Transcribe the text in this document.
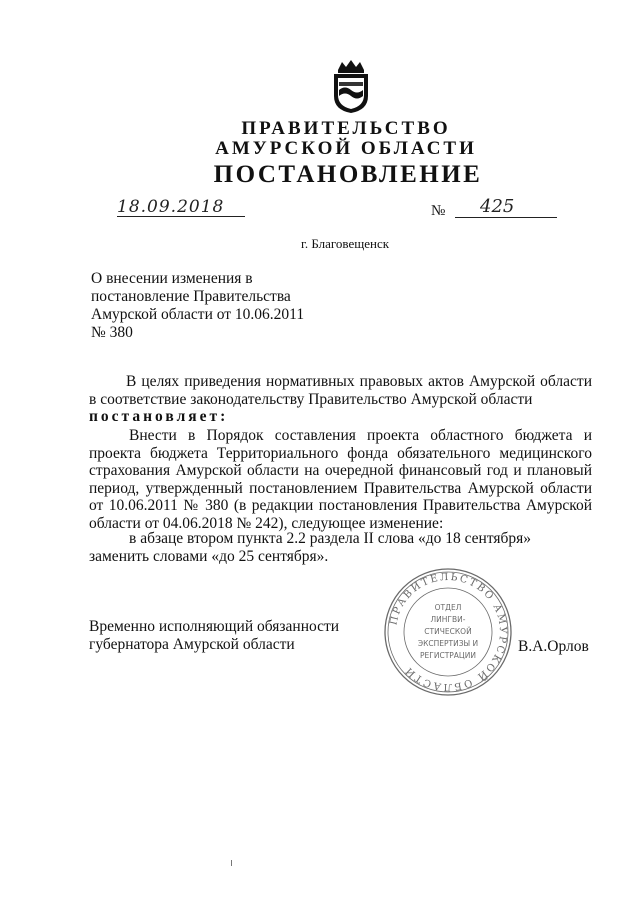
ПРАВИТЕЛЬСТВО
АМУРСКОЙ ОБЛАСТИ
ПОСТАНОВЛЕНИЕ
18.09.2018	№ 425
г. Благовещенск
О внесении изменения в
постановление Правительства
Амурской области от 10.06.2011
№ 380
В целях приведения нормативных правовых актов Амурской области в соответствие законодательству Правительство Амурской области
постановляет:
Внести в Порядок составления проекта областного бюджета и проекта бюджета Территориального фонда обязательного медицинского страхования Амурской области на очередной финансовый год и плановый период, утвержденный постановлением Правительства Амурской области от 10.06.2011 № 380 (в редакции постановления Правительства Амурской области от 04.06.2018 № 242), следующее изменение:
в абзаце втором пункта 2.2 раздела II слова «до 18 сентября» заменить словами «до 25 сентября».
Временно исполняющий обязанности
губернатора Амурской области	В.А.Орлов
ПРАВИТЕЛЬСТВО АМУРСКОЙ ОБЛАСТИ
ОТДЕЛ
ЛИНГВИ-
СТИЧЕСКОЙ
ЭКСПЕРТИЗЫ И
РЕГИСТРАЦИИ
